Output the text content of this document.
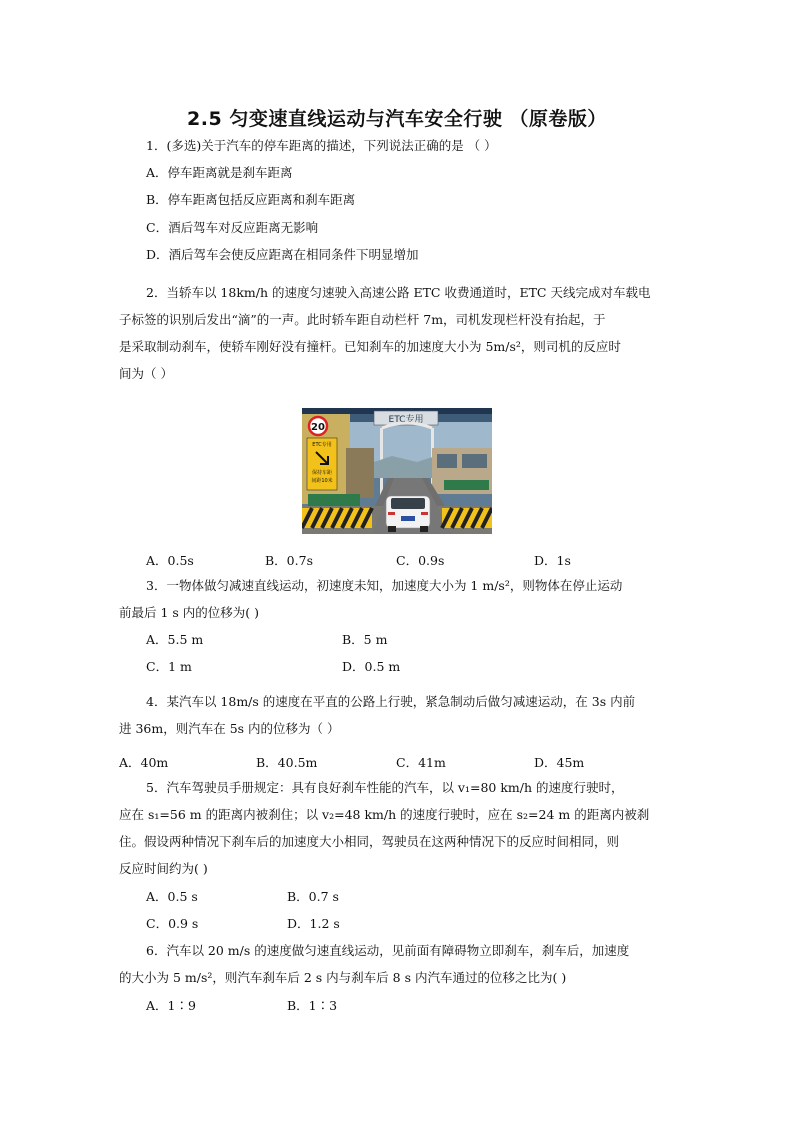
2.5 匀变速直线运动与汽车安全行驶 （原卷版）
1．(多选)关于汽车的停车距离的描述，下列说法正确的是 （ ）
A．停车距离就是刹车距离
B．停车距离包括反应距离和刹车距离
C．酒后驾车对反应距离无影响
D．酒后驾车会使反应距离在相同条件下明显增加
2．当轿车以 18km/h 的速度匀速驶入高速公路 ETC 收费通道时，ETC 天线完成对车载电
子标签的识别后发出“滴”的一声。此时轿车距自动栏杆 7m，司机发现栏杆没有抬起，于
是采取制动刹车，使轿车刚好没有撞杆。已知刹车的加速度大小为 5m/s²，则司机的反应时
间为（ ）
ETC专用
20
ETC专用
保持车距
间距10米
A．0.5s	B．0.7s	C．0.9s	D．1s
3．一物体做匀减速直线运动，初速度未知，加速度大小为 1 m/s²，则物体在停止运动
前最后 1 s 内的位移为( )
A．5.5 m	B．5 m
C．1 m	D．0.5 m
4．某汽车以 18m/s 的速度在平直的公路上行驶，紧急制动后做匀减速运动，在 3s 内前
进 36m，则汽车在 5s 内的位移为（ ）
A．40m	B．40.5m	C．41m	D．45m
5．汽车驾驶员手册规定：具有良好刹车性能的汽车，以 v₁=80 km/h 的速度行驶时，
应在 s₁=56 m 的距离内被刹住；以 v₂=48 km/h 的速度行驶时，应在 s₂=24 m 的距离内被刹
住。假设两种情况下刹车后的加速度大小相同，驾驶员在这两种情况下的反应时间相同，则
反应时间约为( )
A．0.5 s	B．0.7 s
C．0.9 s	D．1.2 s
6．汽车以 20 m/s 的速度做匀速直线运动，见前面有障碍物立即刹车，刹车后，加速度
的大小为 5 m/s²，则汽车刹车后 2 s 内与刹车后 8 s 内汽车通过的位移之比为( )
A．1∶9	B．1∶3
